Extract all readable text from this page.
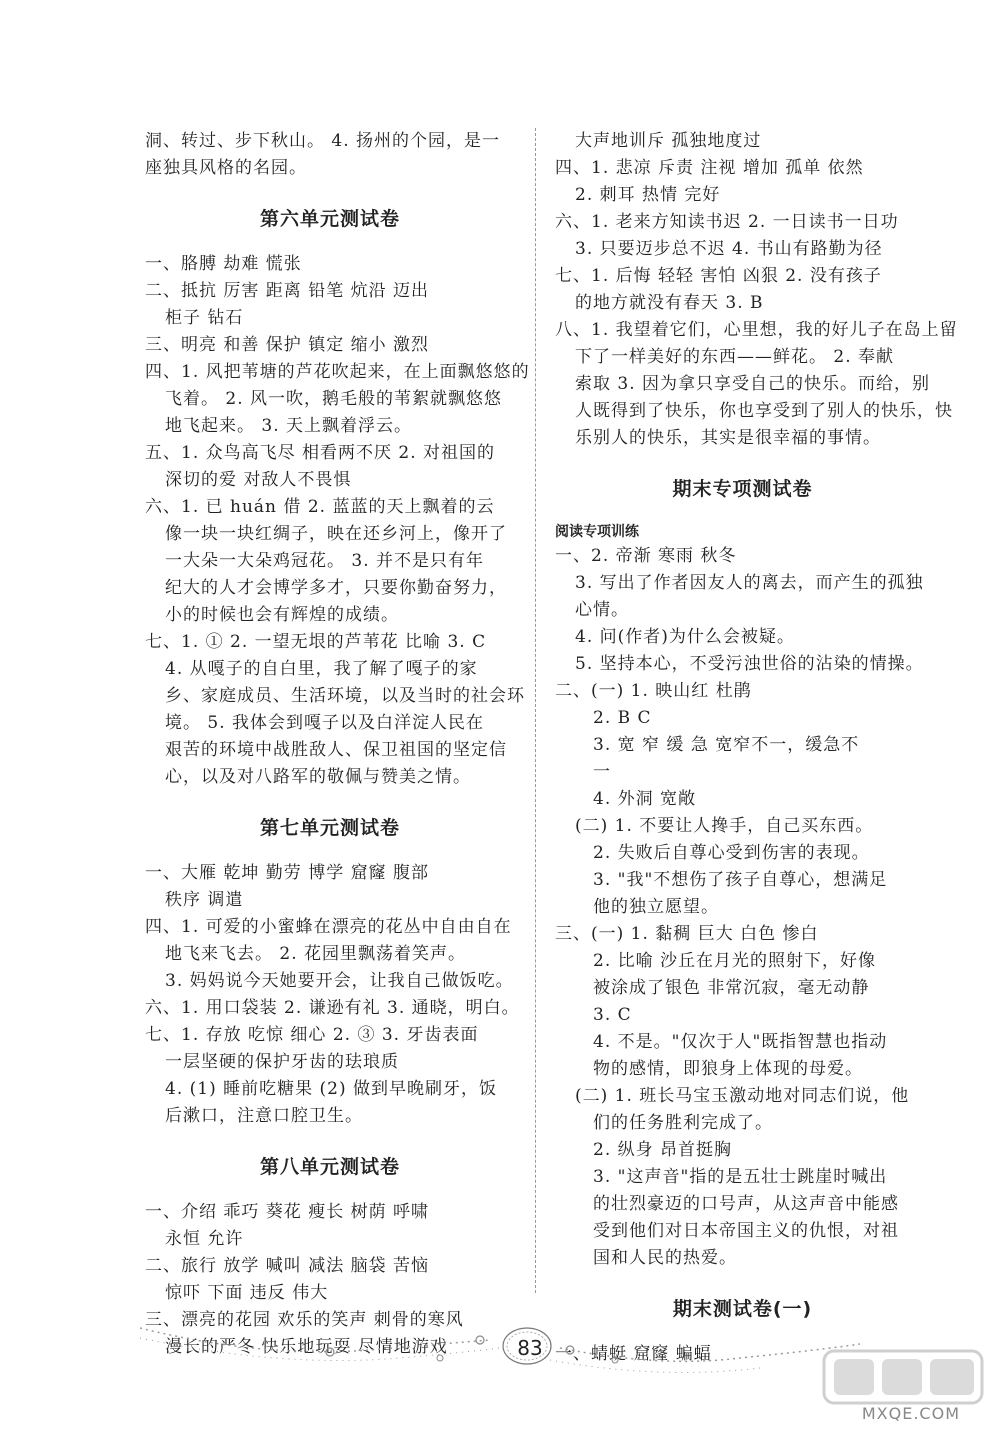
洞、转过、步下秋山。 4. 扬州的个园，是一
座独具风格的名园。
第六单元测试卷
一、胳膊 劫难 慌张
二、抵抗 厉害 距离 铅笔 炕沿 迈出
柜子 钻石
三、明亮 和善 保护 镇定 缩小 激烈
四、1. 风把苇塘的芦花吹起来，在上面飘悠悠的
飞着。 2. 风一吹，鹅毛般的苇絮就飘悠悠
地飞起来。 3. 天上飘着浮云。
五、1. 众鸟高飞尽 相看两不厌 2. 对祖国的
深切的爱 对敌人不畏惧
六、1. 已 huán 借 2. 蓝蓝的天上飘着的云
像一块一块红绸子，映在还乡河上，像开了
一大朵一大朵鸡冠花。 3. 并不是只有年
纪大的人才会博学多才，只要你勤奋努力，
小的时候也会有辉煌的成绩。
七、1. ① 2. 一望无垠的芦苇花 比喻 3. C
4. 从嘎子的自白里，我了解了嘎子的家
乡、家庭成员、生活环境，以及当时的社会环
境。 5. 我体会到嘎子以及白洋淀人民在
艰苦的环境中战胜敌人、保卫祖国的坚定信
心，以及对八路军的敬佩与赞美之情。
第七单元测试卷
一、大雁 乾坤 勤劳 博学 窟窿 腹部
秩序 调遣
四、1. 可爱的小蜜蜂在漂亮的花丛中自由自在
地飞来飞去。 2. 花园里飘荡着笑声。
3. 妈妈说今天她要开会，让我自己做饭吃。
六、1. 用口袋装 2. 谦逊有礼 3. 通晓，明白。
七、1. 存放 吃惊 细心 2. ③ 3. 牙齿表面
一层坚硬的保护牙齿的珐琅质
4. (1) 睡前吃糖果 (2) 做到早晚刷牙，饭
后漱口，注意口腔卫生。
第八单元测试卷
一、介绍 乖巧 葵花 瘦长 树荫 呼啸
永恒 允许
二、旅行 放学 喊叫 减法 脑袋 苦恼
惊吓 下面 违反 伟大
三、漂亮的花园 欢乐的笑声 刺骨的寒风
漫长的严冬 快乐地玩耍 尽情地游戏
大声地训斥 孤独地度过
四、1. 悲凉 斥责 注视 增加 孤单 依然
2. 刺耳 热情 完好
六、1. 老来方知读书迟 2. 一日读书一日功
3. 只要迈步总不迟 4. 书山有路勤为径
七、1. 后悔 轻轻 害怕 凶狠 2. 没有孩子
的地方就没有春天 3. B
八、1. 我望着它们，心里想，我的好儿子在岛上留
下了一样美好的东西——鲜花。 2. 奉献
索取 3. 因为拿只享受自己的快乐。而给，别
人既得到了快乐，你也享受到了别人的快乐，快
乐别人的快乐，其实是很幸福的事情。
期末专项测试卷
阅读专项训练
一、2. 帝渐 寒雨 秋冬
3. 写出了作者因友人的离去，而产生的孤独
心情。
4. 问(作者)为什么会被疑。
5. 坚持本心，不受污浊世俗的沾染的情操。
二、(一) 1. 映山红 杜鹃
2. B C
3. 宽 窄 缓 急 宽窄不一，缓急不
一
4. 外洞 宽敞
(二) 1. 不要让人搀手，自己买东西。
2. 失败后自尊心受到伤害的表现。
3. "我"不想伤了孩子自尊心，想满足
他的独立愿望。
三、(一) 1. 黏稠 巨大 白色 惨白
2. 比喻 沙丘在月光的照射下，好像
被涂成了银色 非常沉寂，毫无动静
3. C
4. 不是。"仅次于人"既指智慧也指动
物的感情，即狼身上体现的母爱。
(二) 1. 班长马宝玉激动地对同志们说，他
们的任务胜利完成了。
2. 纵身 昂首挺胸
3. "这声音"指的是五壮士跳崖时喊出
的壮烈豪迈的口号声，从这声音中能感
受到他们对日本帝国主义的仇恨，对祖
国和人民的热爱。
期末测试卷(一)
一、蜻蜓 窟窿 蝙蝠
83
MXQE.COM
